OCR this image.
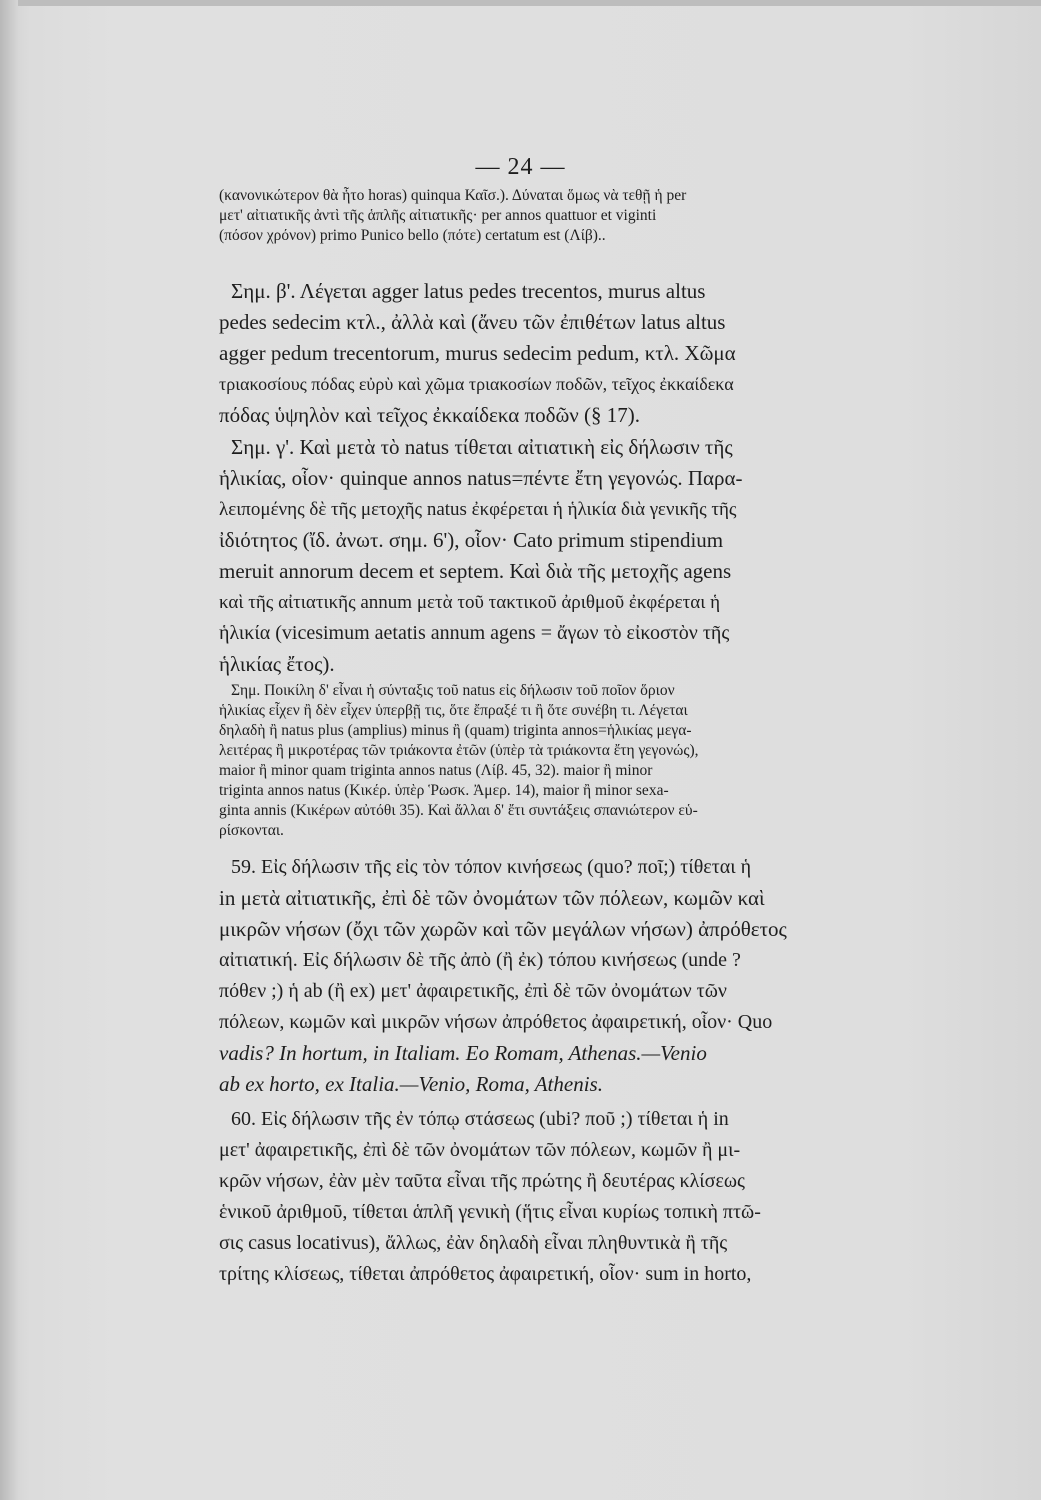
— 24 —
(κανονικώτερον θὰ ἦτο horas) quinqua Καῖσ.). Δύναται ὅμως νὰ τεθῇ ἡ per
μετ' αἰτιατικῆς ἀντὶ τῆς ἁπλῆς αἰτιατικῆς· per annos quattuor et viginti
(πόσον χρόνον) primo Punico bello (πότε) certatum est (Λίβ)..
Σημ. β'. Λέγεται agger latus pedes trecentos, murus altus
pedes sedecim κτλ., ἀλλὰ καὶ (ἄνευ τῶν ἐπιθέτων latus altus
agger pedum trecentorum, murus sedecim pedum, κτλ. Χῶμα
τριακοσίους πόδας εὐρὺ καὶ χῶμα τριακοσίων ποδῶν, τεῖχος ἐκκαίδεκα
πόδας ὑψηλὸν καὶ τεῖχος ἐκκαίδεκα ποδῶν (§ 17).
Σημ. γ'. Καὶ μετὰ τὸ natus τίθεται αἰτιατικὴ εἰς δήλωσιν τῆς
ἡλικίας, οἷον· quinque annos natus=πέντε ἔτη γεγονώς. Παρα-
λειπομένης δὲ τῆς μετοχῆς natus ἐκφέρεται ἡ ἡλικία διὰ γενικῆς τῆς
ἰδιότητος (ἴδ. ἀνωτ. σημ. 6'), οἷον· Cato primum stipendium
meruit annorum decem et septem. Καὶ διὰ τῆς μετοχῆς agens
καὶ τῆς αἰτιατικῆς annum μετὰ τοῦ τακτικοῦ ἀριθμοῦ ἐκφέρεται ἡ
ἡλικία (vicesimum aetatis annum agens = ἄγων τὸ εἰκοστὸν τῆς
ἡλικίας ἔτος).
Σημ. Ποικίλη δ' εἶναι ἡ σύνταξις τοῦ natus εἰς δήλωσιν τοῦ ποῖον ὅριον
ἡλικίας εἶχεν ἢ δὲν εἶχεν ὑπερβῇ τις, ὅτε ἔπραξέ τι ἢ ὅτε συνέβη τι. Λέγεται
δηλαδὴ ἢ natus plus (amplius) minus ἢ (quam) triginta annos=ἡλικίας μεγα-
λειτέρας ἢ μικροτέρας τῶν τριάκοντα ἐτῶν (ὑπὲρ τὰ τριάκοντα ἔτη γεγονώς),
maior ἢ minor quam triginta annos natus (Λίβ. 45, 32). maior ἢ minor
triginta annos natus (Κικέρ. ὑπὲρ Ῥωσκ. Ἀμερ. 14), maior ἢ minor sexa-
ginta annis (Κικέρων αὐτόθι 35). Καὶ ἄλλαι δ' ἔτι συντάξεις σπανιώτερον εὑ-
ρίσκονται.
59. Εἰς δήλωσιν τῆς εἰς τὸν τόπον κινήσεως (quo? ποῖ;) τίθεται ἡ
in μετὰ αἰτιατικῆς, ἐπὶ δὲ τῶν ὀνομάτων τῶν πόλεων, κωμῶν καὶ
μικρῶν νήσων (ὄχι τῶν χωρῶν καὶ τῶν μεγάλων νήσων) ἀπρόθετος
αἰτιατική. Εἰς δήλωσιν δὲ τῆς ἀπὸ (ἢ ἐκ) τόπου κινήσεως (unde ?
πόθεν ;) ἡ ab (ἢ ex) μετ' ἀφαιρετικῆς, ἐπὶ δὲ τῶν ὀνομάτων τῶν
πόλεων, κωμῶν καὶ μικρῶν νήσων ἀπρόθετος ἀφαιρετική, οἷον· Quo
vadis? In hortum, in Italiam. Eo Romam, Athenas.—Venio
ab ex horto, ex Italia.—Venio, Roma, Athenis.
60. Εἰς δήλωσιν τῆς ἐν τόπῳ στάσεως (ubi? ποῦ ;) τίθεται ἡ in
μετ' ἀφαιρετικῆς, ἐπὶ δὲ τῶν ὀνομάτων τῶν πόλεων, κωμῶν ἢ μι-
κρῶν νήσων, ἐὰν μὲν ταῦτα εἶναι τῆς πρώτης ἢ δευτέρας κλίσεως
ἑνικοῦ ἀριθμοῦ, τίθεται ἁπλῆ γενικὴ (ἥτις εἶναι κυρίως τοπικὴ πτῶ-
σις casus locativus), ἄλλως, ἐὰν δηλαδὴ εἶναι πληθυντικὰ ἢ τῆς
τρίτης κλίσεως, τίθεται ἀπρόθετος ἀφαιρετική, οἷον· sum in horto,
